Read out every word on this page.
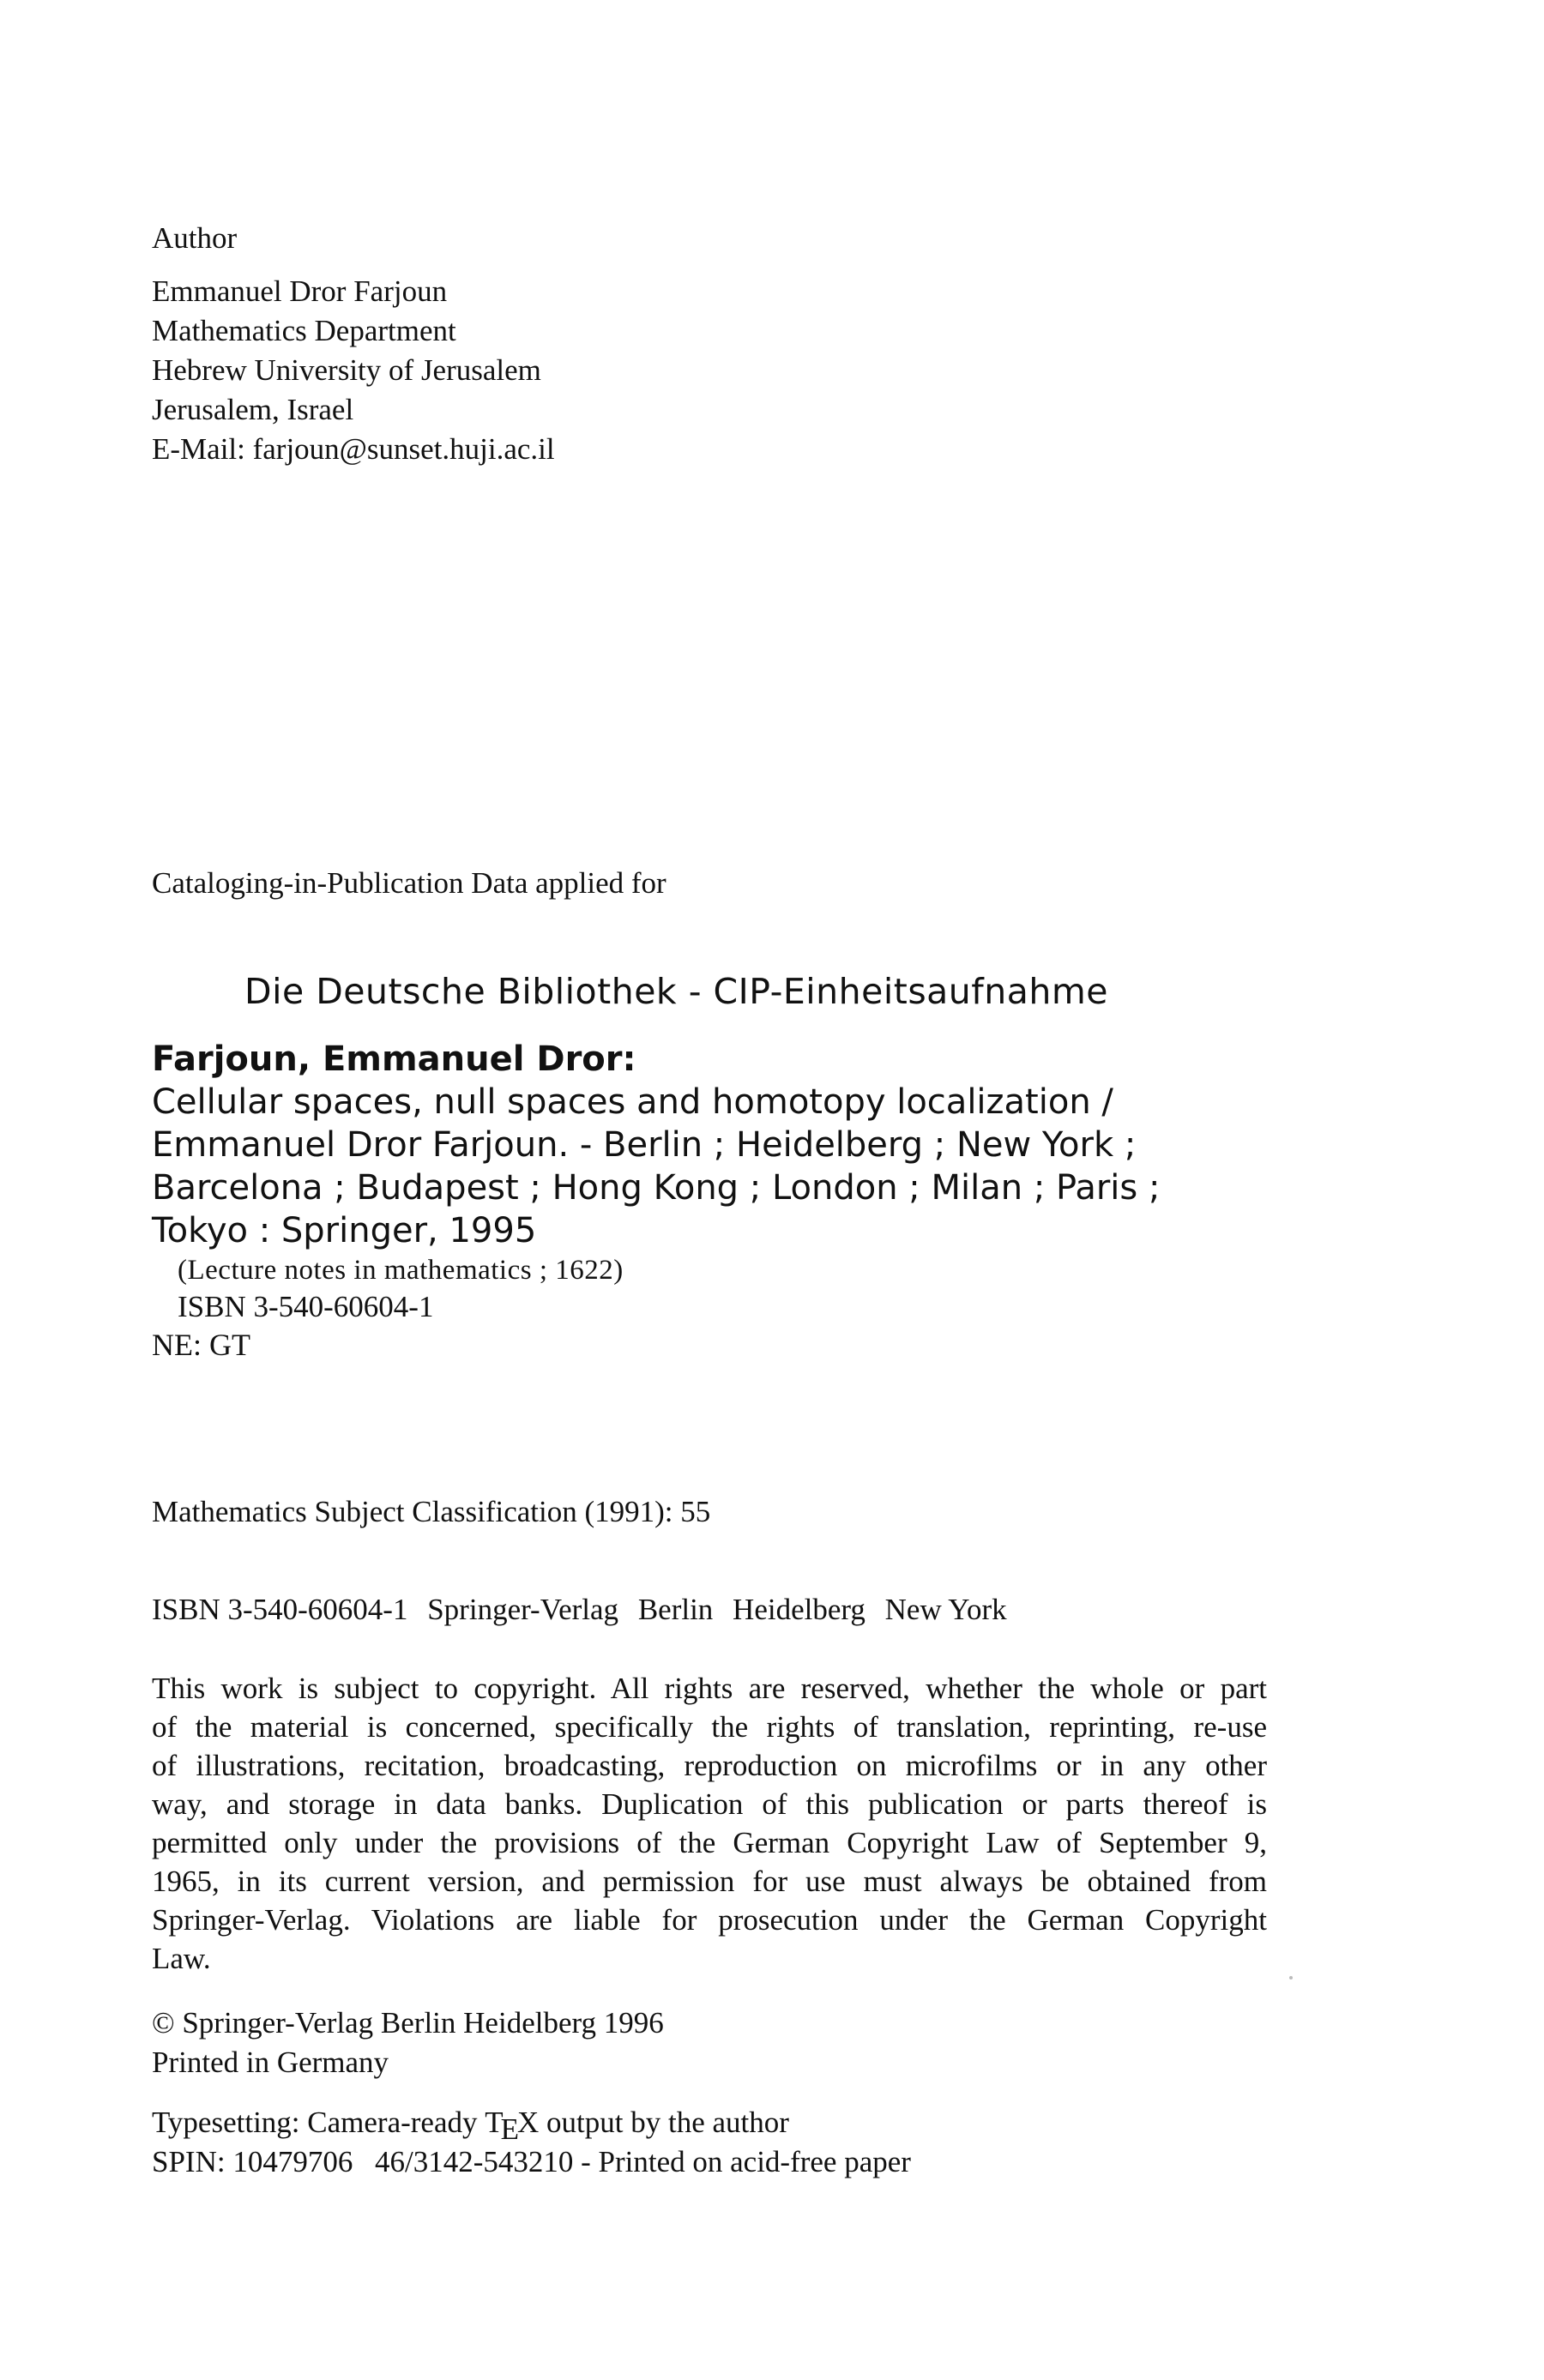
Author
Emmanuel Dror Farjoun
Mathematics Department
Hebrew University of Jerusalem
Jerusalem, Israel
E-Mail: farjoun@sunset.huji.ac.il
Cataloging-in-Publication Data applied for
Die Deutsche Bibliothek - CIP-Einheitsaufnahme
Farjoun, Emmanuel Dror:
Cellular spaces, null spaces and homotopy localization /
Emmanuel Dror Farjoun. - Berlin ; Heidelberg ; New York ;
Barcelona ; Budapest ; Hong Kong ; London ; Milan ; Paris ;
Tokyo : Springer, 1995
(Lecture notes in mathematics ; 1622)
ISBN 3-540-60604-1
NE: GT
Mathematics Subject Classification (1991): 55
ISBN 3-540-60604-1 Springer-Verlag Berlin Heidelberg New York
This work is subject to copyright. All rights are reserved, whether the whole or part
of the material is concerned, specifically the rights of translation, reprinting, re-use
of illustrations, recitation, broadcasting, reproduction on microfilms or in any other
way, and storage in data banks. Duplication of this publication or parts thereof is
permitted only under the provisions of the German Copyright Law of September 9,
1965, in its current version, and permission for use must always be obtained from
Springer-Verlag. Violations are liable for prosecution under the German Copyright
Law.
© Springer-Verlag Berlin Heidelberg 1996
Printed in Germany
Typesetting: Camera-ready TEX output by the author
SPIN: 10479706 46/3142-543210 - Printed on acid-free paper
